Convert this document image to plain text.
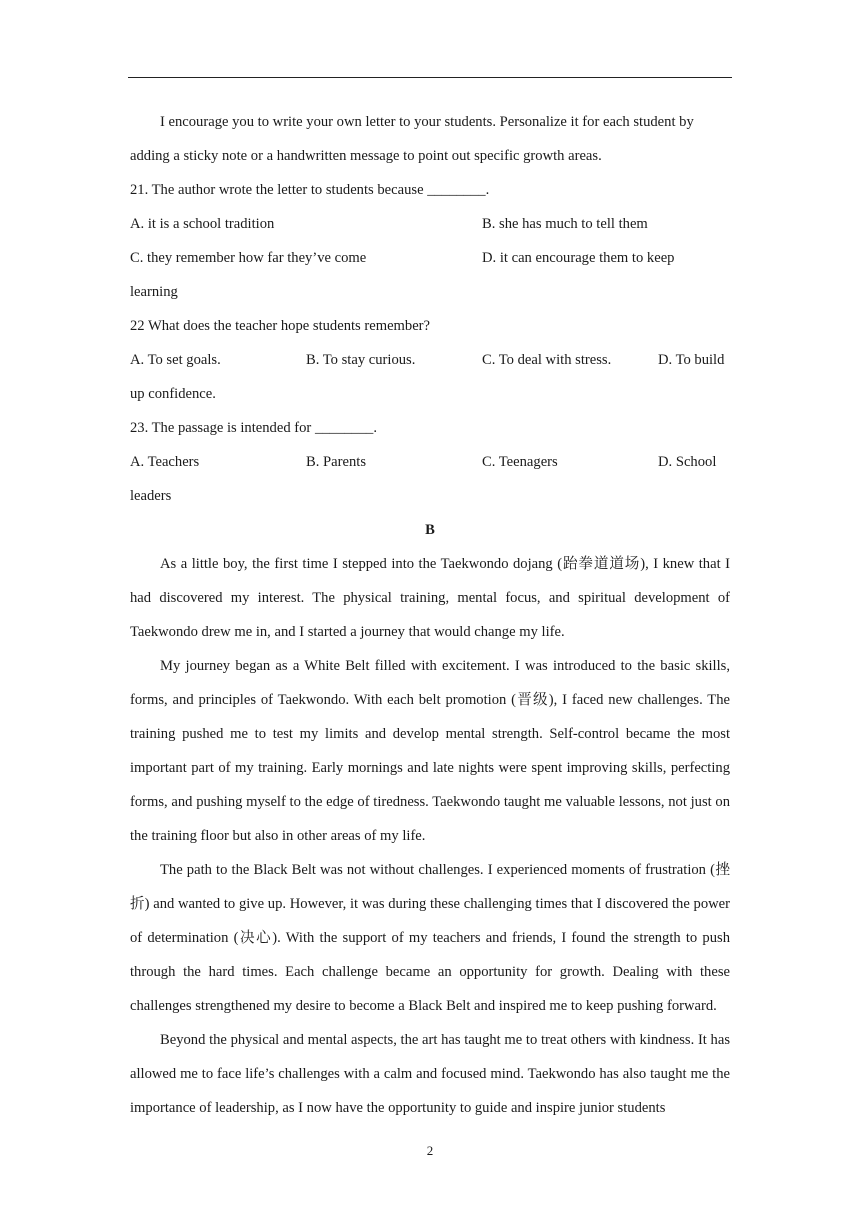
I encourage you to write your own letter to your students. Personalize it for each student by
adding a sticky note or a handwritten message to point out specific growth areas.
21. The author wrote the letter to students because ________.
A. it is a school tradition	B. she has much to tell them
C. they remember how far they’ve come	D. it can encourage them to keep
learning
22 What does the teacher hope students remember?
A. To set goals.	B. To stay curious.	C. To deal with stress.	D. To build
up confidence.
23. The passage is intended for ________.
A. Teachers	B. Parents	C. Teenagers	D. School
leaders
B

As a little boy, the first time I stepped into the Taekwondo dojang (跆拳道道场), I knew that I had discovered my interest. The physical training, mental focus, and spiritual development of Taekwondo drew me in, and I started a journey that would change my life.

My journey began as a White Belt filled with excitement. I was introduced to the basic skills, forms, and principles of Taekwondo. With each belt promotion (晋级), I faced new challenges. The training pushed me to test my limits and develop mental strength. Self-control became the most important part of my training. Early mornings and late nights were spent improving skills, perfecting forms, and pushing myself to the edge of tiredness. Taekwondo taught me valuable lessons, not just on the training floor but also in other areas of my life.

The path to the Black Belt was not without challenges. I experienced moments of frustration (挫折) and wanted to give up. However, it was during these challenging times that I discovered the power of determination (决心). With the support of my teachers and friends, I found the strength to push through the hard times. Each challenge became an opportunity for growth. Dealing with these challenges strengthened my desire to become a Black Belt and inspired me to keep pushing forward.

Beyond the physical and mental aspects, the art has taught me to treat others with kindness. It has allowed me to face life’s challenges with a calm and focused mind. Taekwondo has also taught me the importance of leadership, as I now have the opportunity to guide and inspire junior students

2
